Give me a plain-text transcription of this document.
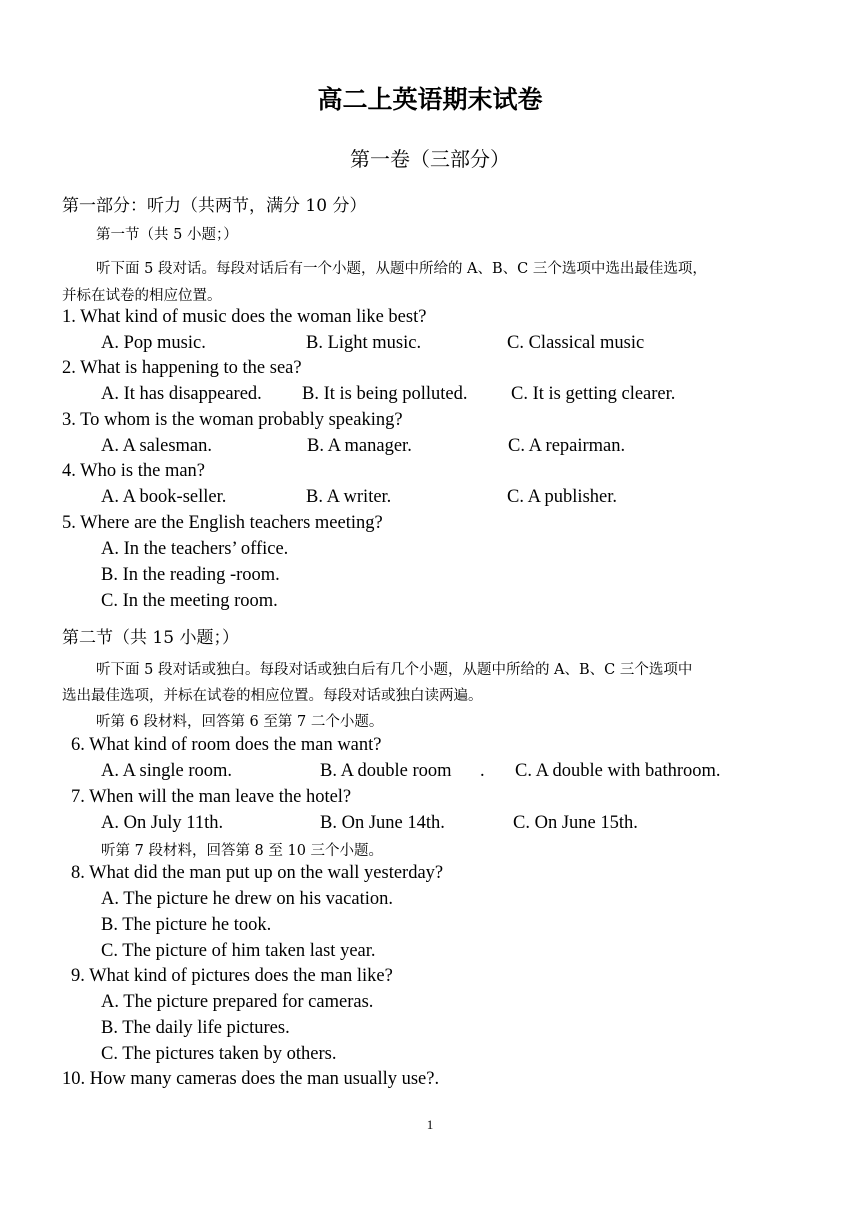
高二上英语期末试卷
第一卷（三部分）
第一部分：听力（共两节，满分 10 分）
第一节（共 5 小题；）
听下面 5 段对话。每段对话后有一个小题，从题中所给的 A、B、C 三个选项中选出最佳选项，
并标在试卷的相应位置。
1. What kind of music does the woman like best?
A. Pop music.	B. Light music.	C. Classical music
2. What is happening to the sea?
A. It has disappeared. B. It is being polluted. C. It is getting clearer.
3. To whom is the woman probably speaking?
A. A salesman.	B. A manager.	C. A repairman.
4. Who is the man?
A. A book-seller.	B. A writer.	C. A publisher.
5. Where are the English teachers meeting?
A. In the teachers’ office.
B. In the reading -room.
C. In the meeting room.
第二节（共 15 小题；）
听下面 5 段对话或独白。每段对话或独白后有几个小题，从题中所给的 A、B、C 三个选项中
选出最佳选项，并标在试卷的相应位置。每段对话或独白读两遍。
听第 6 段材料，回答第 6 至第 7 二个小题。
6. What kind of room does the man want?
A. A single room.	B. A double room . C. A double with bathroom.
7. When will the man leave the hotel?
A. On July 11th.	B. On June 14th.	C. On June 15th.
听第 7 段材料，回答第 8 至 10 三个小题。
8. What did the man put up on the wall yesterday?
A. The picture he drew on his vacation.
B. The picture he took.
C. The picture of him taken last year.
9. What kind of pictures does the man like?
A. The picture prepared for cameras.
B. The daily life pictures.
C. The pictures taken by others.
10. How many cameras does the man usually use?.
1
